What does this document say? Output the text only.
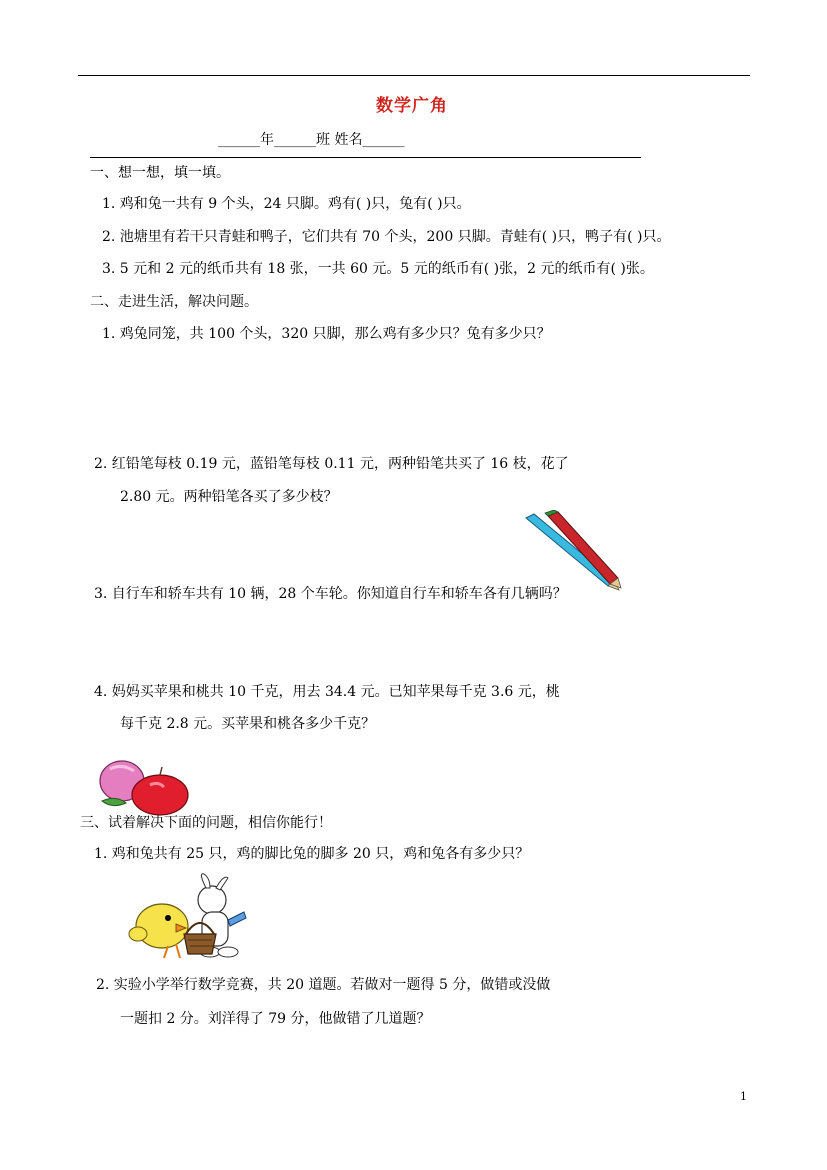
数学广角
______年______班 姓名______
一、想一想，填一填。
1. 鸡和兔一共有 9 个头，24 只脚。鸡有( )只，兔有( )只。
2. 池塘里有若干只青蛙和鸭子，它们共有 70 个头，200 只脚。青蛙有( )只，鸭子有( )只。
3. 5 元和 2 元的纸币共有 18 张，一共 60 元。5 元的纸币有( )张，2 元的纸币有( )张。
二、走进生活，解决问题。
1. 鸡兔同笼，共 100 个头，320 只脚，那么鸡有多少只？兔有多少只？
2. 红铅笔每枝 0.19 元，蓝铅笔每枝 0.11 元，两种铅笔共买了 16 枝，花了
2.80 元。两种铅笔各买了多少枝？
3. 自行车和轿车共有 10 辆，28 个车轮。你知道自行车和轿车各有几辆吗？
4. 妈妈买苹果和桃共 10 千克，用去 34.4 元。已知苹果每千克 3.6 元，桃
每千克 2.8 元。买苹果和桃各多少千克？
三、试着解决下面的问题，相信你能行！
1. 鸡和兔共有 25 只，鸡的脚比兔的脚多 20 只，鸡和兔各有多少只？
2. 实验小学举行数学竞赛，共 20 道题。若做对一题得 5 分，做错或没做
一题扣 2 分。刘洋得了 79 分，他做错了几道题？
1
